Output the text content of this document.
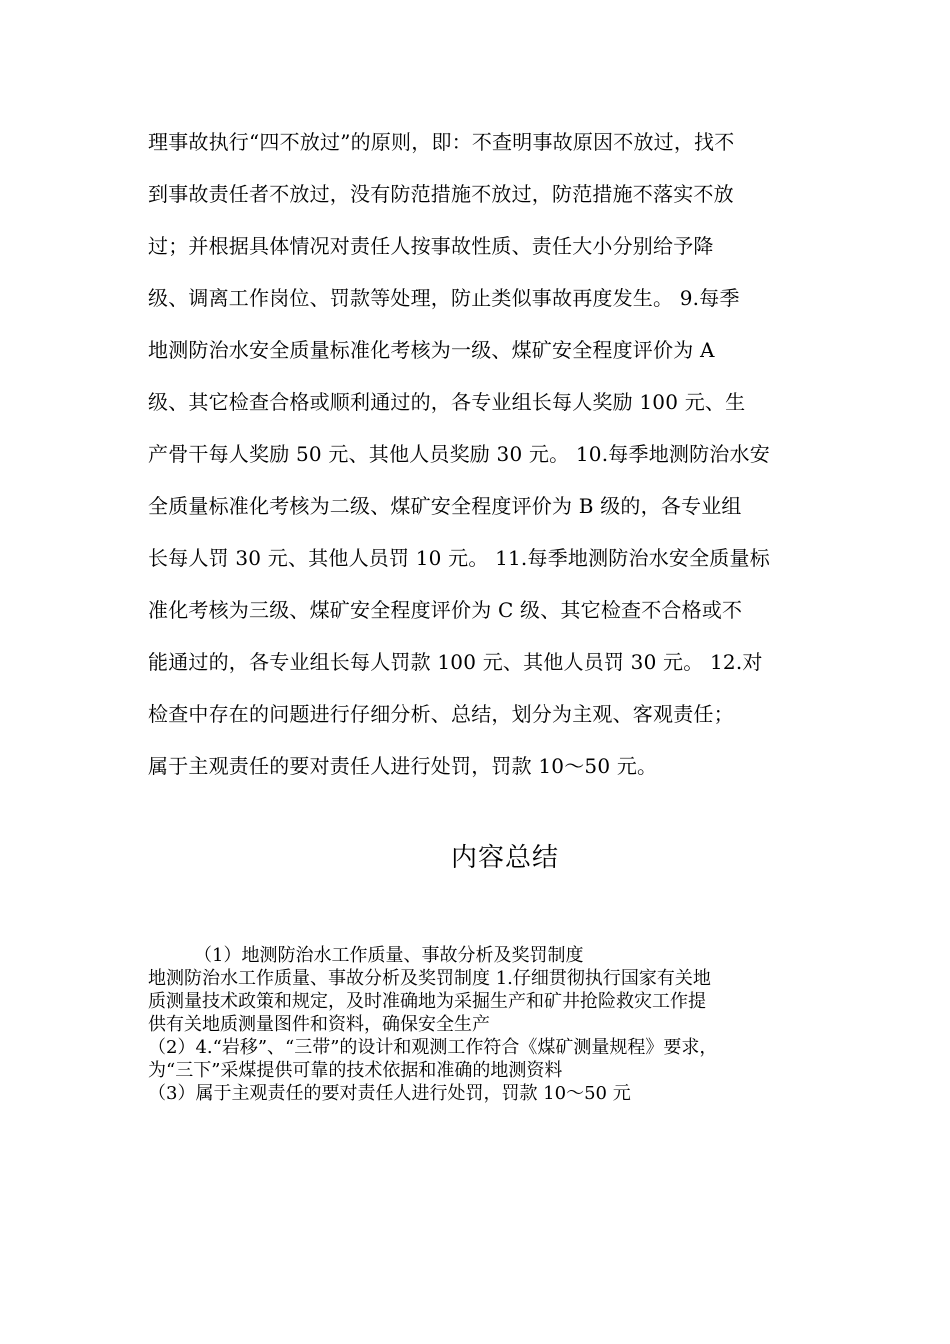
理事故执行“四不放过”的原则，即：不查明事故原因不放过，找不
到事故责任者不放过，没有防范措施不放过，防范措施不落实不放
过；并根据具体情况对责任人按事故性质、责任大小分别给予降
级、调离工作岗位、罚款等处理，防止类似事故再度发生。 9.每季
地测防治水安全质量标准化考核为一级、煤矿安全程度评价为 A
级、其它检查合格或顺利通过的，各专业组长每人奖励 100 元、生
产骨干每人奖励 50 元、其他人员奖励 30 元。 10.每季地测防治水安
全质量标准化考核为二级、煤矿安全程度评价为 B 级的，各专业组
长每人罚 30 元、其他人员罚 10 元。 11.每季地测防治水安全质量标
准化考核为三级、煤矿安全程度评价为 C 级、其它检查不合格或不
能通过的，各专业组长每人罚款 100 元、其他人员罚 30 元。 12.对
检查中存在的问题进行仔细分析、总结，划分为主观、客观责任；
属于主观责任的要对责任人进行处罚，罚款 10～50 元。
内容总结
（1）地测防治水工作质量、事故分析及奖罚制度
地测防治水工作质量、事故分析及奖罚制度 1.仔细贯彻执行国家有关地
质测量技术政策和规定，及时准确地为采掘生产和矿井抢险救灾工作提
供有关地质测量图件和资料，确保安全生产
（2）4.“岩移”、“三带”的设计和观测工作符合《煤矿测量规程》要求，
为“三下”采煤提供可靠的技术依据和准确的地测资料
（3）属于主观责任的要对责任人进行处罚，罚款 10～50 元
